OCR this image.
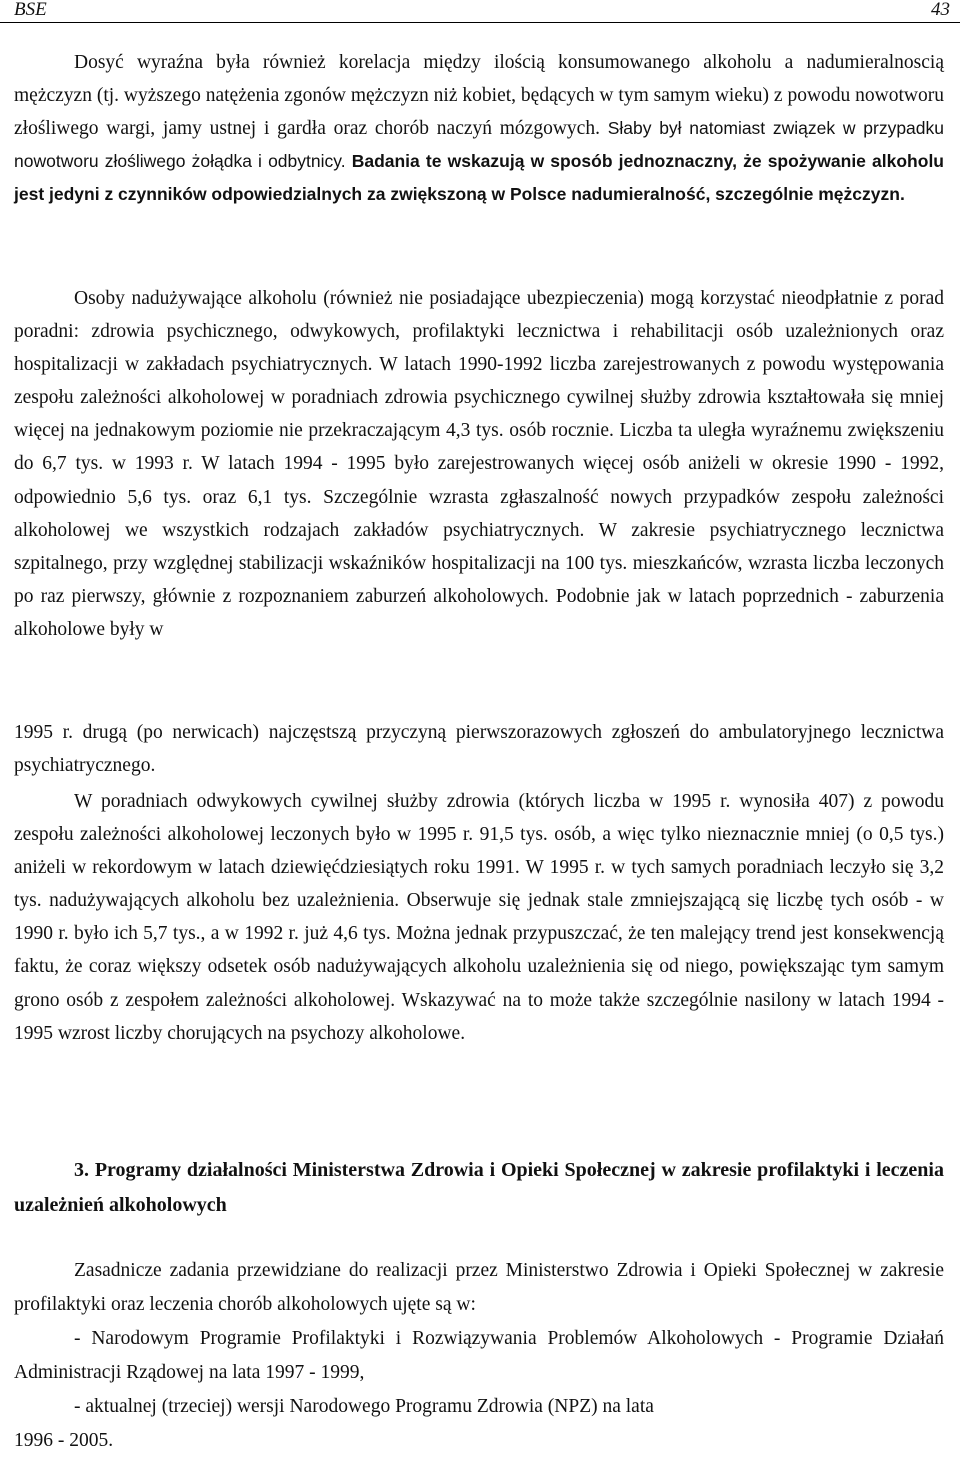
BSE	43

Dosyć wyraźna była również korelacja między ilością konsumowanego alkoholu a nadumieralnoscią mężczyzn (tj. wyższego natężenia zgonów mężczyzn niż kobiet, będących w tym samym wieku) z powodu nowotworu złośliwego wargi, jamy ustnej i gardła oraz chorób naczyń mózgowych. Słaby był natomiast związek w przypadku nowotworu złośliwego żołądka i odbytnicy. Badania te wskazują w sposób jednoznaczny, że spożywanie alkoholu jest jedyni z czynników odpowiedzialnych za zwiększoną w Polsce nadumieralność, szczególnie mężczyzn.

Osoby nadużywające alkoholu (również nie posiadające ubezpieczenia) mogą korzystać nieodpłatnie z porad poradni: zdrowia psychicznego, odwykowych, profilaktyki lecznictwa i rehabilitacji osób uzależnionych oraz hospitalizacji w zakładach psychiatrycznych. W latach 1990-1992 liczba zarejestrowanych z powodu występowania zespołu zależności alkoholowej w poradniach zdrowia psychicznego cywilnej służby zdrowia kształtowała się mniej więcej na jednakowym poziomie nie przekraczającym 4,3 tys. osób rocznie. Liczba ta uległa wyraźnemu zwiększeniu do 6,7 tys. w 1993 r. W latach 1994 - 1995 było zarejestrowanych więcej osób aniżeli w okresie 1990 - 1992, odpowiednio 5,6 tys. oraz 6,1 tys. Szczególnie wzrasta zgłaszalność nowych przypadków zespołu zależności alkoholowej we wszystkich rodzajach zakładów psychiatrycznych. W zakresie psychiatrycznego lecznictwa szpitalnego, przy względnej stabilizacji wskaźników hospitalizacji na 100 tys. mieszkańców, wzrasta liczba leczonych po raz pierwszy, głównie z rozpoznaniem zaburzeń alkoholowych. Podobnie jak w latach poprzednich - zaburzenia alkoholowe były w

1995 r. drugą (po nerwicach) najczęstszą przyczyną pierwszorazowych zgłoszeń do ambulatoryjnego lecznictwa psychiatrycznego.

W poradniach odwykowych cywilnej służby zdrowia (których liczba w 1995 r. wynosiła 407) z powodu zespołu zależności alkoholowej leczonych było w 1995 r. 91,5 tys. osób, a więc tylko nieznacznie mniej (o 0,5 tys.) aniżeli w rekordowym w latach dziewięćdziesiątych roku 1991. W 1995 r. w tych samych poradniach leczyło się 3,2 tys. nadużywających alkoholu bez uzależnienia. Obserwuje się jednak stale zmniejszającą się liczbę tych osób - w 1990 r. było ich 5,7 tys., a w 1992 r. już 4,6 tys. Można jednak przypuszczać, że ten malejący trend jest konsekwencją faktu, że coraz większy odsetek osób nadużywających alkoholu uzależnienia się od niego, powiększając tym samym grono osób z zespołem zależności alkoholowej. Wskazywać na to może także szczególnie nasilony w latach 1994 - 1995 wzrost liczby chorujących na psychozy alkoholowe.

3. Programy działalności Ministerstwa Zdrowia i Opieki Społecznej w zakresie profilaktyki i leczenia uzależnień alkoholowych

Zasadnicze zadania przewidziane do realizacji przez Ministerstwo Zdrowia i Opieki Społecznej w zakresie profilaktyki oraz leczenia chorób alkoholowych ujęte są w:

- Narodowym Programie Profilaktyki i Rozwiązywania Problemów Alkoholowych - Programie Działań Administracji Rządowej na lata 1997 - 1999,

- aktualnej (trzeciej) wersji Narodowego Programu Zdrowia (NPZ) na lata

1996 - 2005.
